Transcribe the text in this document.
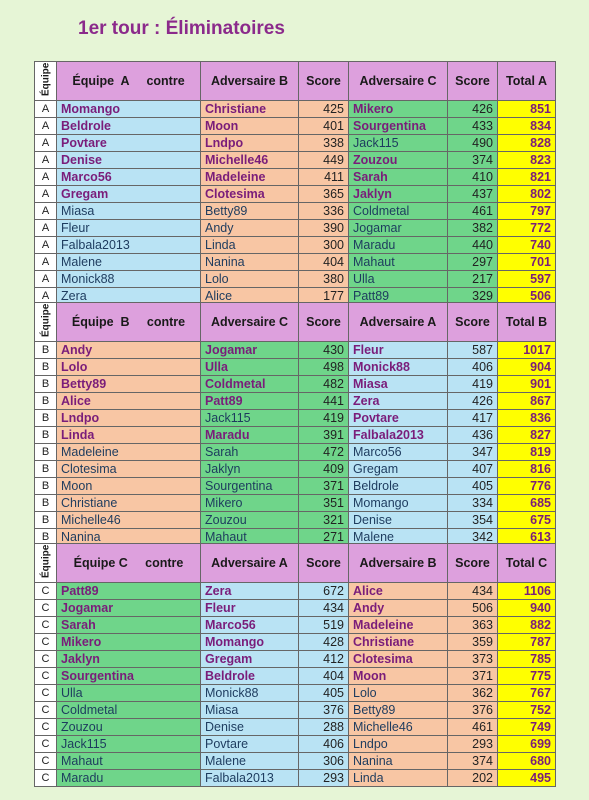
1er tour : Éliminatoires
Équipe	Équipe  A     contre	Adversaire B	Score	Adversaire C	Score	Total A
A	Momango	Christiane	425	Mikero	426	851
A	Beldrole	Moon	401	Sourgentina	433	834
A	Povtare	Lndpo	338	Jack115	490	828
A	Denise	Michelle46	449	Zouzou	374	823
A	Marco56	Madeleine	411	Sarah	410	821
A	Gregam	Clotesima	365	Jaklyn	437	802
A	Miasa	Betty89	336	Coldmetal	461	797
A	Fleur	Andy	390	Jogamar	382	772
A	Falbala2013	Linda	300	Maradu	440	740
A	Malene	Nanina	404	Mahaut	297	701
A	Monick88	Lolo	380	Ulla	217	597
A	Zera	Alice	177	Patt89	329	506
Équipe	Équipe  B     contre	Adversaire C	Score	Adversaire A	Score	Total B
B	Andy	Jogamar	430	Fleur	587	1017
B	Lolo	Ulla	498	Monick88	406	904
B	Betty89	Coldmetal	482	Miasa	419	901
B	Alice	Patt89	441	Zera	426	867
B	Lndpo	Jack115	419	Povtare	417	836
B	Linda	Maradu	391	Falbala2013	436	827
B	Madeleine	Sarah	472	Marco56	347	819
B	Clotesima	Jaklyn	409	Gregam	407	816
B	Moon	Sourgentina	371	Beldrole	405	776
B	Christiane	Mikero	351	Momango	334	685
B	Michelle46	Zouzou	321	Denise	354	675
B	Nanina	Mahaut	271	Malene	342	613
Équipe	Équipe C     contre	Adversaire A	Score	Adversaire B	Score	Total C
C	Patt89	Zera	672	Alice	434	1106
C	Jogamar	Fleur	434	Andy	506	940
C	Sarah	Marco56	519	Madeleine	363	882
C	Mikero	Momango	428	Christiane	359	787
C	Jaklyn	Gregam	412	Clotesima	373	785
C	Sourgentina	Beldrole	404	Moon	371	775
C	Ulla	Monick88	405	Lolo	362	767
C	Coldmetal	Miasa	376	Betty89	376	752
C	Zouzou	Denise	288	Michelle46	461	749
C	Jack115	Povtare	406	Lndpo	293	699
C	Mahaut	Malene	306	Nanina	374	680
C	Maradu	Falbala2013	293	Linda	202	495
